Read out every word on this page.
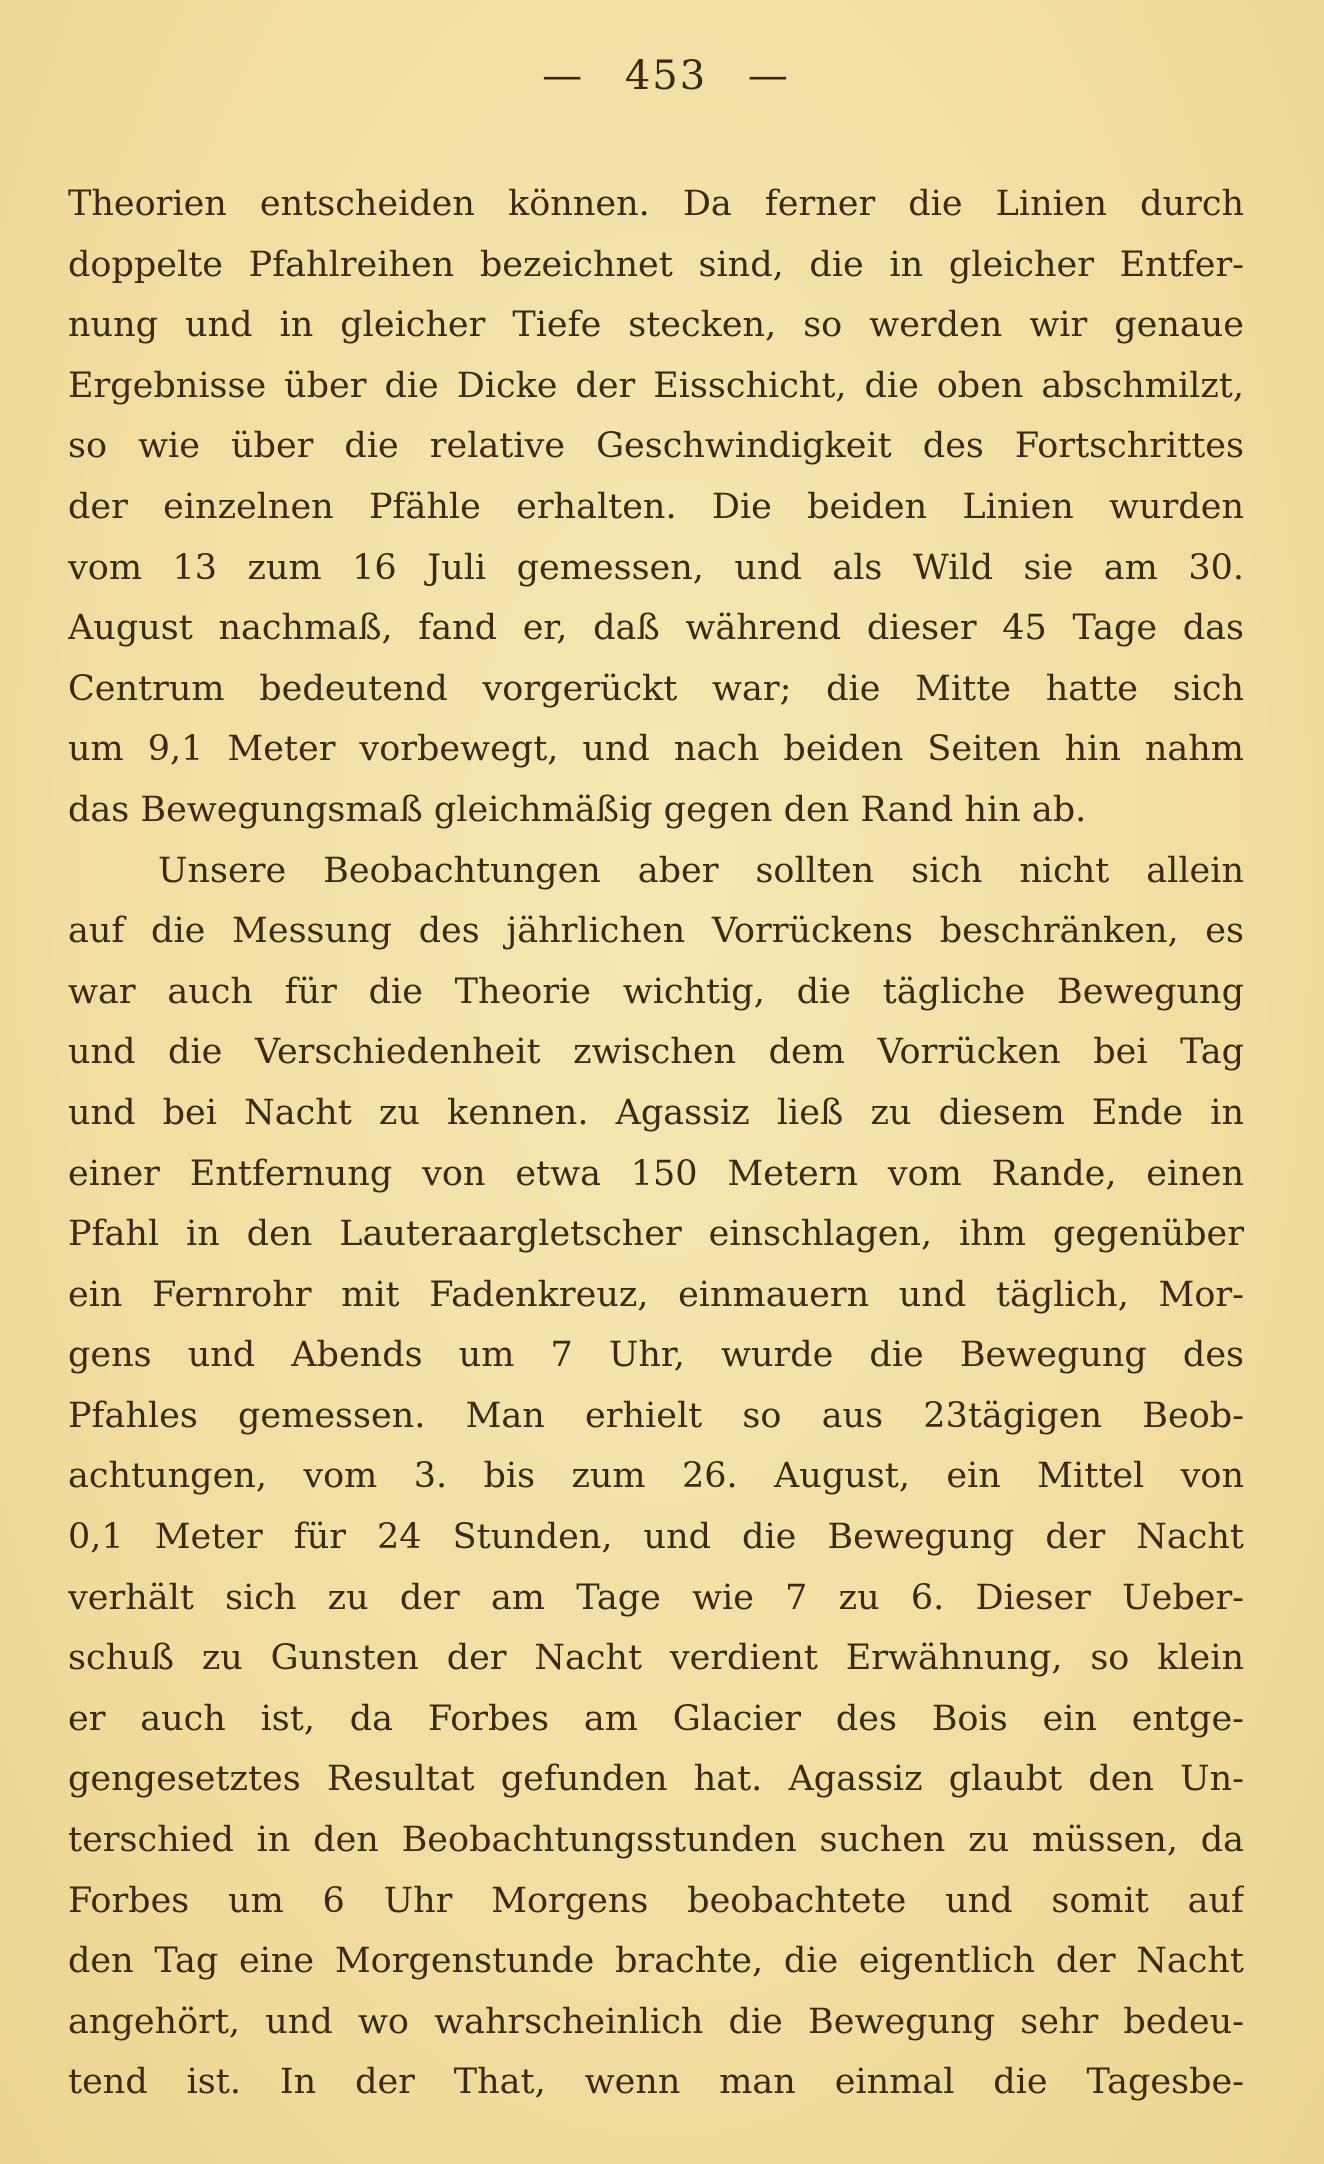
— 453 —
Theorien entscheiden können. Da ferner die Linien durch
doppelte Pfahlreihen bezeichnet sind, die in gleicher Entfer-
nung und in gleicher Tiefe stecken, so werden wir genaue
Ergebnisse über die Dicke der Eisschicht, die oben abschmilzt,
so wie über die relative Geschwindigkeit des Fortschrittes
der einzelnen Pfähle erhalten. Die beiden Linien wurden
vom 13 zum 16 Juli gemessen, und als Wild sie am 30.
August nachmaß, fand er, daß während dieser 45 Tage das
Centrum bedeutend vorgerückt war; die Mitte hatte sich
um 9,1 Meter vorbewegt, und nach beiden Seiten hin nahm
das Bewegungsmaß gleichmäßig gegen den Rand hin ab.
Unsere Beobachtungen aber sollten sich nicht allein
auf die Messung des jährlichen Vorrückens beschränken, es
war auch für die Theorie wichtig, die tägliche Bewegung
und die Verschiedenheit zwischen dem Vorrücken bei Tag
und bei Nacht zu kennen. Agassiz ließ zu diesem Ende in
einer Entfernung von etwa 150 Metern vom Rande, einen
Pfahl in den Lauteraargletscher einschlagen, ihm gegenüber
ein Fernrohr mit Fadenkreuz, einmauern und täglich, Mor-
gens und Abends um 7 Uhr, wurde die Bewegung des
Pfahles gemessen. Man erhielt so aus 23tägigen Beob-
achtungen, vom 3. bis zum 26. August, ein Mittel von
0,1 Meter für 24 Stunden, und die Bewegung der Nacht
verhält sich zu der am Tage wie 7 zu 6. Dieser Ueber-
schuß zu Gunsten der Nacht verdient Erwähnung, so klein
er auch ist, da Forbes am Glacier des Bois ein entge-
gengesetztes Resultat gefunden hat. Agassiz glaubt den Un-
terschied in den Beobachtungsstunden suchen zu müssen, da
Forbes um 6 Uhr Morgens beobachtete und somit auf
den Tag eine Morgenstunde brachte, die eigentlich der Nacht
angehört, und wo wahrscheinlich die Bewegung sehr bedeu-
tend ist. In der That, wenn man einmal die Tagesbe-
